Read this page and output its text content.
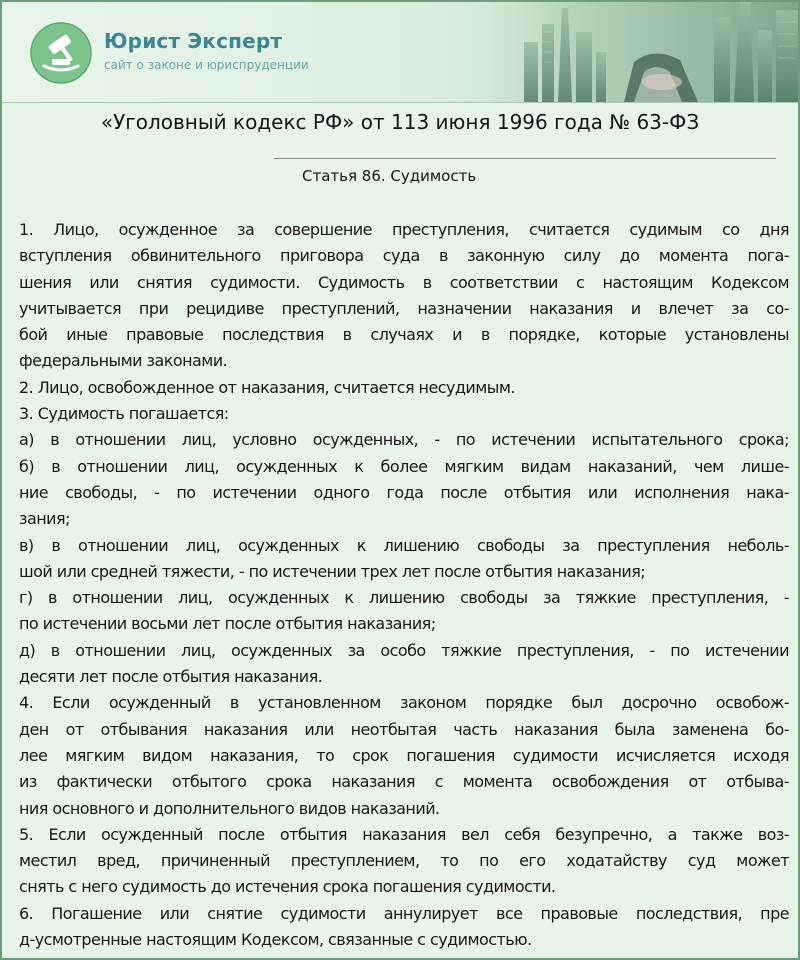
Юрист Эксперт
сайт о законе и юриспруденции
«Уголовный кодекс РФ» от 113 июня 1996 года № 63-ФЗ
Статья 86. Судимость
1. Лицо, осужденное за совершение преступления, считается судимым со дня
вступления обвинительного приговора суда в законную силу до момента пога-
шения или снятия судимости. Судимость в соответствии с настоящим Кодексом
учитывается при рецидиве преступлений, назначении наказания и влечет за со-
бой иные правовые последствия в случаях и в порядке, которые установлены
федеральными законами.
2. Лицо, освобожденное от наказания, считается несудимым.
3. Судимость погашается:
а) в отношении лиц, условно осужденных, - по истечении испытательного срока;
б) в отношении лиц, осужденных к более мягким видам наказаний, чем лише-
ние свободы, - по истечении одного года после отбытия или исполнения нака-
зания;
в) в отношении лиц, осужденных к лишению свободы за преступления неболь-
шой или средней тяжести, - по истечении трех лет после отбытия наказания;
г) в отношении лиц, осужденных к лишению свободы за тяжкие преступления, -
по истечении восьми лет после отбытия наказания;
д) в отношении лиц, осужденных за особо тяжкие преступления, - по истечении
десяти лет после отбытия наказания.
4. Если осужденный в установленном законом порядке был досрочно освобож-
ден от отбывания наказания или неотбытая часть наказания была заменена бо-
лее мягким видом наказания, то срок погашения судимости исчисляется исходя
из фактически отбытого срока наказания с момента освобождения от отбыва-
ния основного и дополнительного видов наказаний.
5. Если осужденный после отбытия наказания вел себя безупречно, а также воз-
местил вред, причиненный преступлением, то по его ходатайству суд может
снять с него судимость до истечения срока погашения судимости.
6. Погашение или снятие судимости аннулирует все правовые последствия, пре
д-усмотренные настоящим Кодексом, связанные с судимостью.
